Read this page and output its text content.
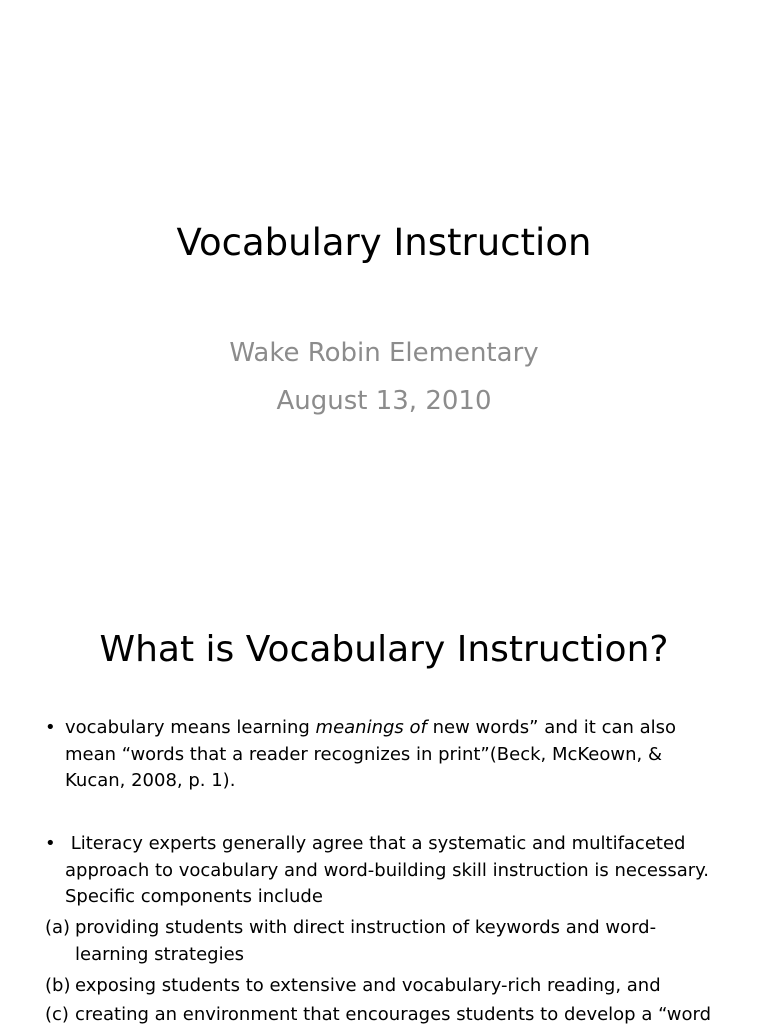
Vocabulary Instruction
Wake Robin Elementary
August 13, 2010
What is Vocabulary Instruction?
• vocabulary means learning meanings of new words” and it can also
mean “words that a reader recognizes in print”(Beck, McKeown, &
Kucan, 2008, p. 1).
• Literacy experts generally agree that a systematic and multifaceted
approach to vocabulary and word-building skill instruction is necessary.
Specific components include
(a) providing students with direct instruction of keywords and word-
learning strategies
(b) exposing students to extensive and vocabulary-rich reading, and
(c) creating an environment that encourages students to develop a “word
